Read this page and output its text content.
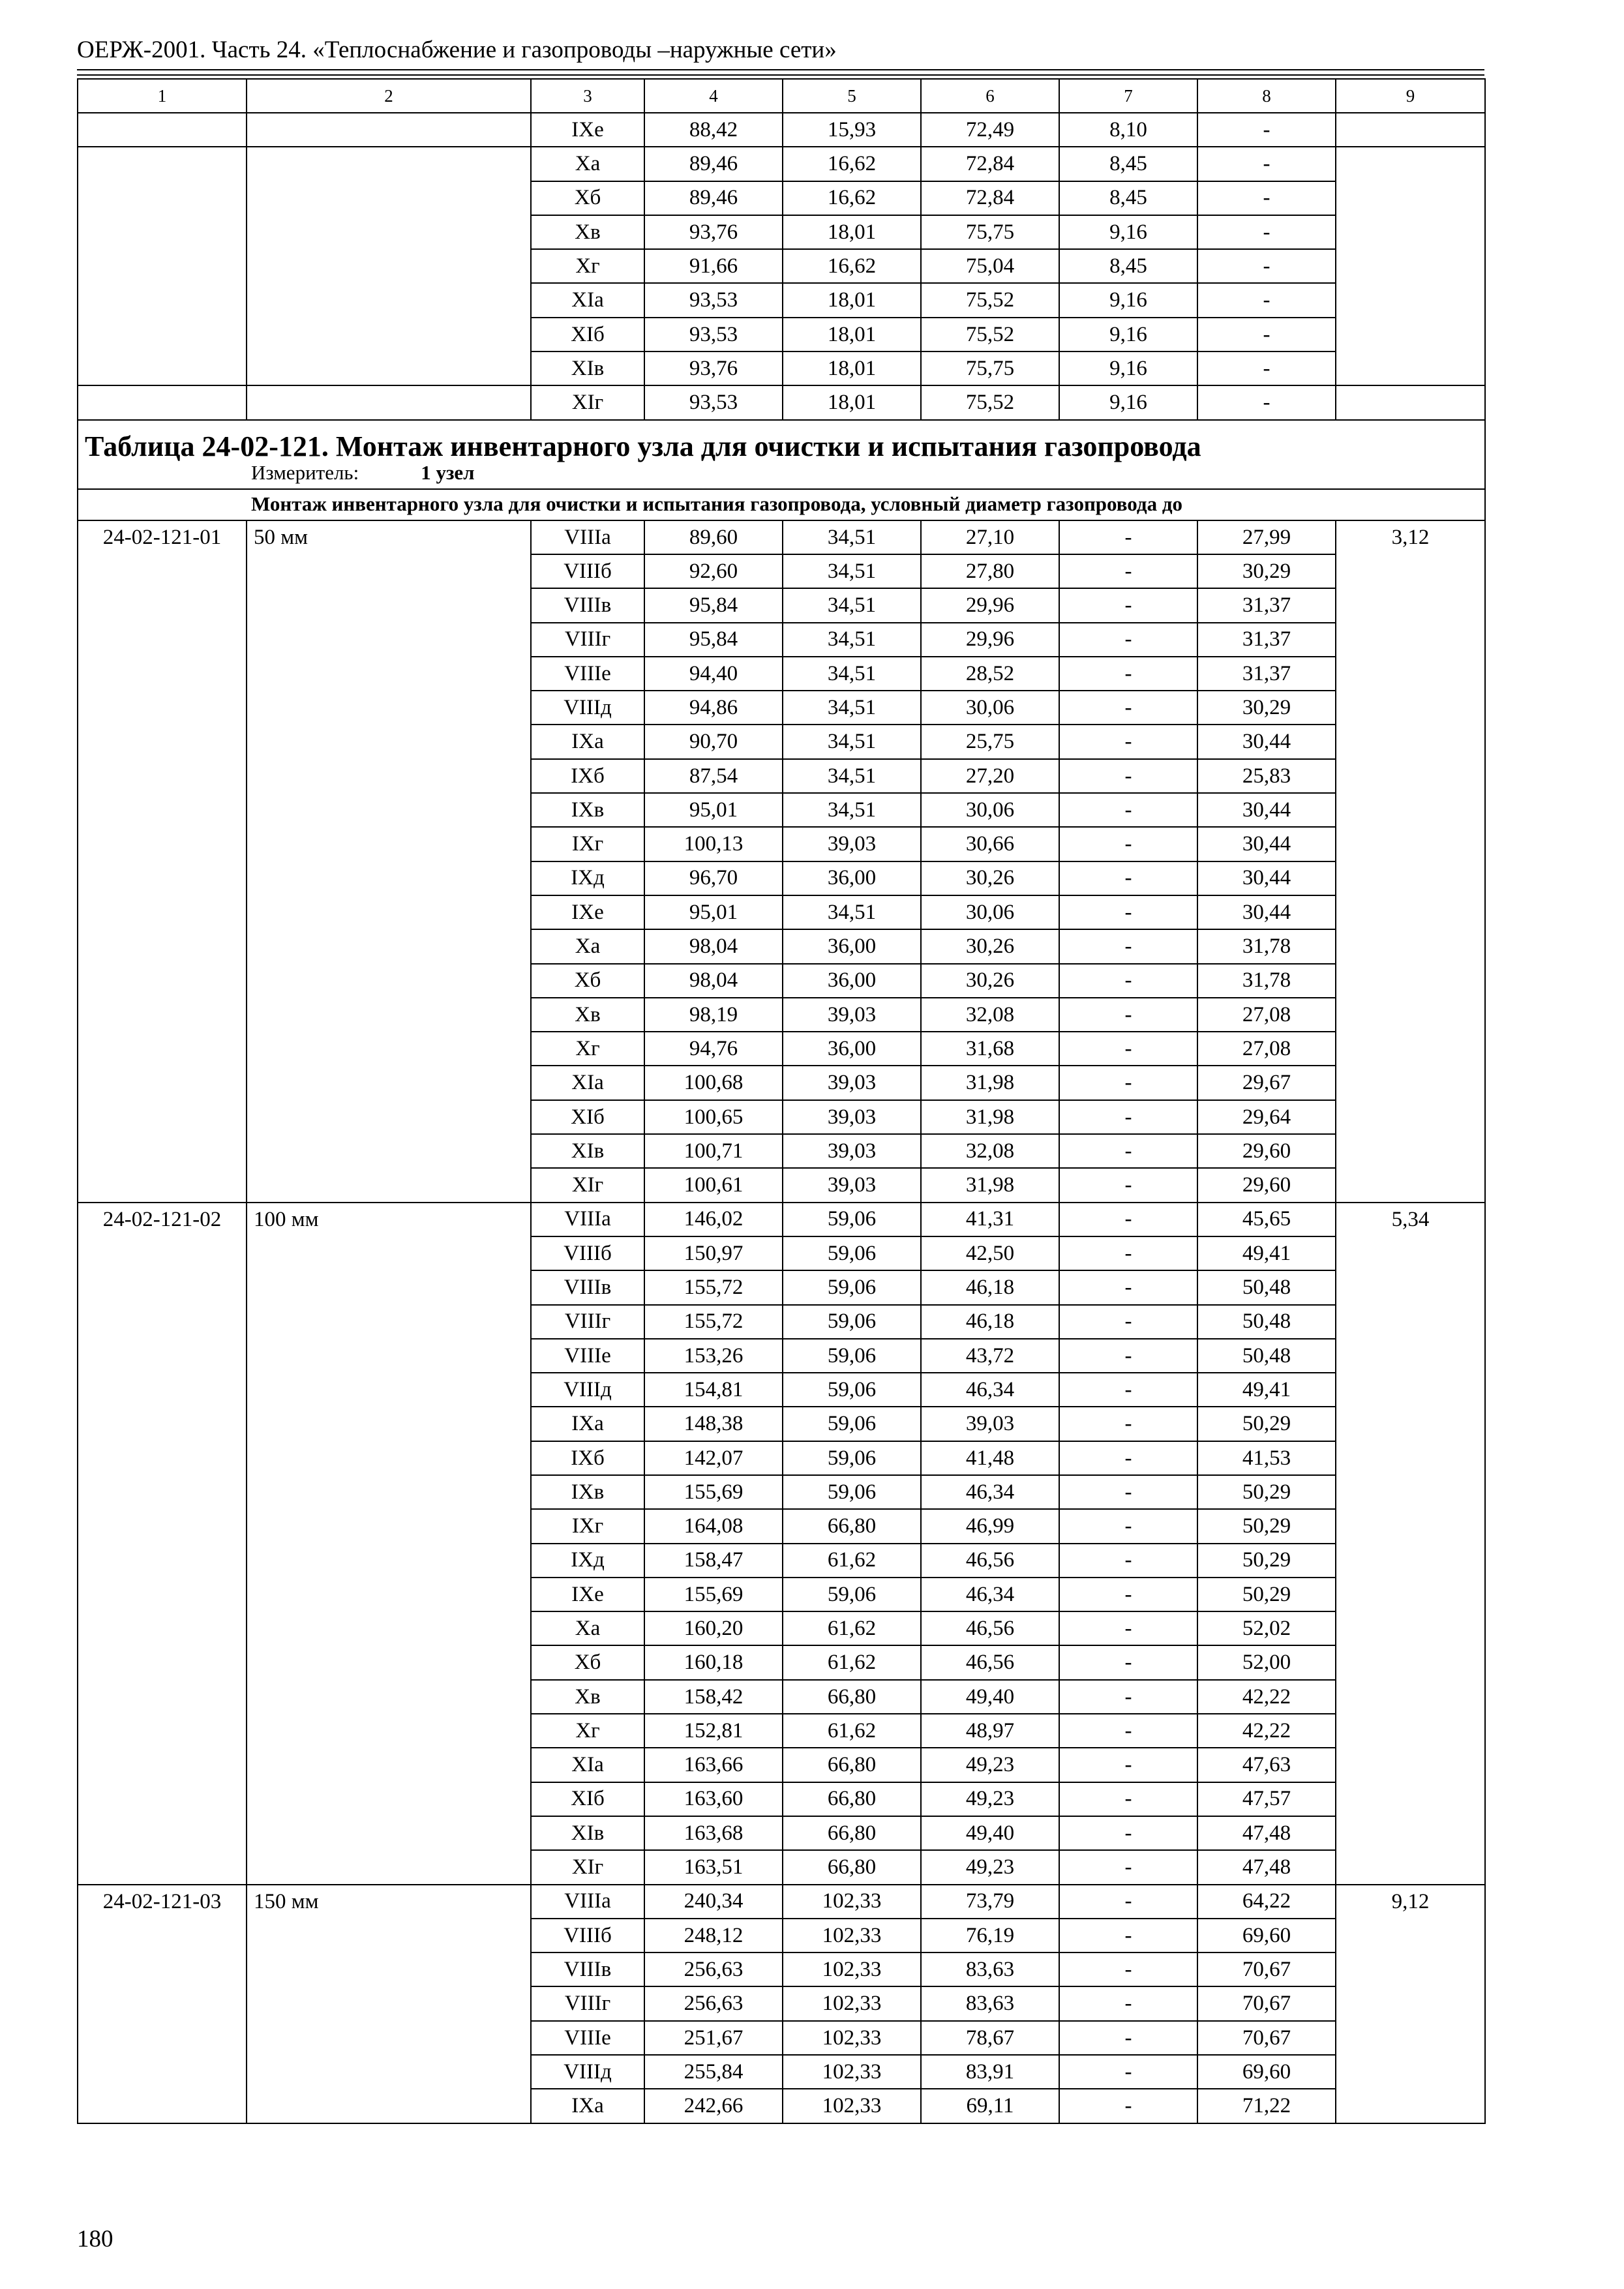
ОЕРЖ-2001. Часть 24. «Теплоснабжение и газопроводы –наружные сети»
1	2	3	4	5	6	7	8	9
		IXе	88,42	15,93	72,49	8,10	-	
		Xа	89,46	16,62	72,84	8,45	-	
		Xб	89,46	16,62	72,84	8,45	-	
		Xв	93,76	18,01	75,75	9,16	-	
		Xг	91,66	16,62	75,04	8,45	-	
		XIа	93,53	18,01	75,52	9,16	-	
		XIб	93,53	18,01	75,52	9,16	-	
		XIв	93,76	18,01	75,75	9,16	-	
		XIг	93,53	18,01	75,52	9,16	-	
Таблица 24-02-121. Монтаж инвентарного узла для очистки и испытания газопровода								
Измеритель: 1 узел								
Монтаж инвентарного узла для очистки и испытания газопровода, условный диаметр газопровода до								
24-02-121-01	50 мм	VIIIа	89,60	34,51	27,10	-	27,99	3,12
		VIIIб	92,60	34,51	27,80	-	30,29	
		VIIIв	95,84	34,51	29,96	-	31,37	
		VIIIг	95,84	34,51	29,96	-	31,37	
		VIIIе	94,40	34,51	28,52	-	31,37	
		VIIIд	94,86	34,51	30,06	-	30,29	
		IXа	90,70	34,51	25,75	-	30,44	
		IXб	87,54	34,51	27,20	-	25,83	
		IXв	95,01	34,51	30,06	-	30,44	
		IXг	100,13	39,03	30,66	-	30,44	
		IXд	96,70	36,00	30,26	-	30,44	
		IXе	95,01	34,51	30,06	-	30,44	
		Xа	98,04	36,00	30,26	-	31,78	
		Xб	98,04	36,00	30,26	-	31,78	
		Xв	98,19	39,03	32,08	-	27,08	
		Xг	94,76	36,00	31,68	-	27,08	
		XIа	100,68	39,03	31,98	-	29,67	
		XIб	100,65	39,03	31,98	-	29,64	
		XIв	100,71	39,03	32,08	-	29,60	
		XIг	100,61	39,03	31,98	-	29,60	
24-02-121-02	100 мм	VIIIа	146,02	59,06	41,31	-	45,65	5,34
		VIIIб	150,97	59,06	42,50	-	49,41	
		VIIIв	155,72	59,06	46,18	-	50,48	
		VIIIг	155,72	59,06	46,18	-	50,48	
		VIIIе	153,26	59,06	43,72	-	50,48	
		VIIIд	154,81	59,06	46,34	-	49,41	
		IXа	148,38	59,06	39,03	-	50,29	
		IXб	142,07	59,06	41,48	-	41,53	
		IXв	155,69	59,06	46,34	-	50,29	
		IXг	164,08	66,80	46,99	-	50,29	
		IXд	158,47	61,62	46,56	-	50,29	
		IXе	155,69	59,06	46,34	-	50,29	
		Xа	160,20	61,62	46,56	-	52,02	
		Xб	160,18	61,62	46,56	-	52,00	
		Xв	158,42	66,80	49,40	-	42,22	
		Xг	152,81	61,62	48,97	-	42,22	
		XIа	163,66	66,80	49,23	-	47,63	
		XIб	163,60	66,80	49,23	-	47,57	
		XIв	163,68	66,80	49,40	-	47,48	
		XIг	163,51	66,80	49,23	-	47,48	
24-02-121-03	150 мм	VIIIа	240,34	102,33	73,79	-	64,22	9,12
		VIIIб	248,12	102,33	76,19	-	69,60	
		VIIIв	256,63	102,33	83,63	-	70,67	
		VIIIг	256,63	102,33	83,63	-	70,67	
		VIIIе	251,67	102,33	78,67	-	70,67	
		VIIIд	255,84	102,33	83,91	-	69,60	
		IXа	242,66	102,33	69,11	-	71,22	
180
